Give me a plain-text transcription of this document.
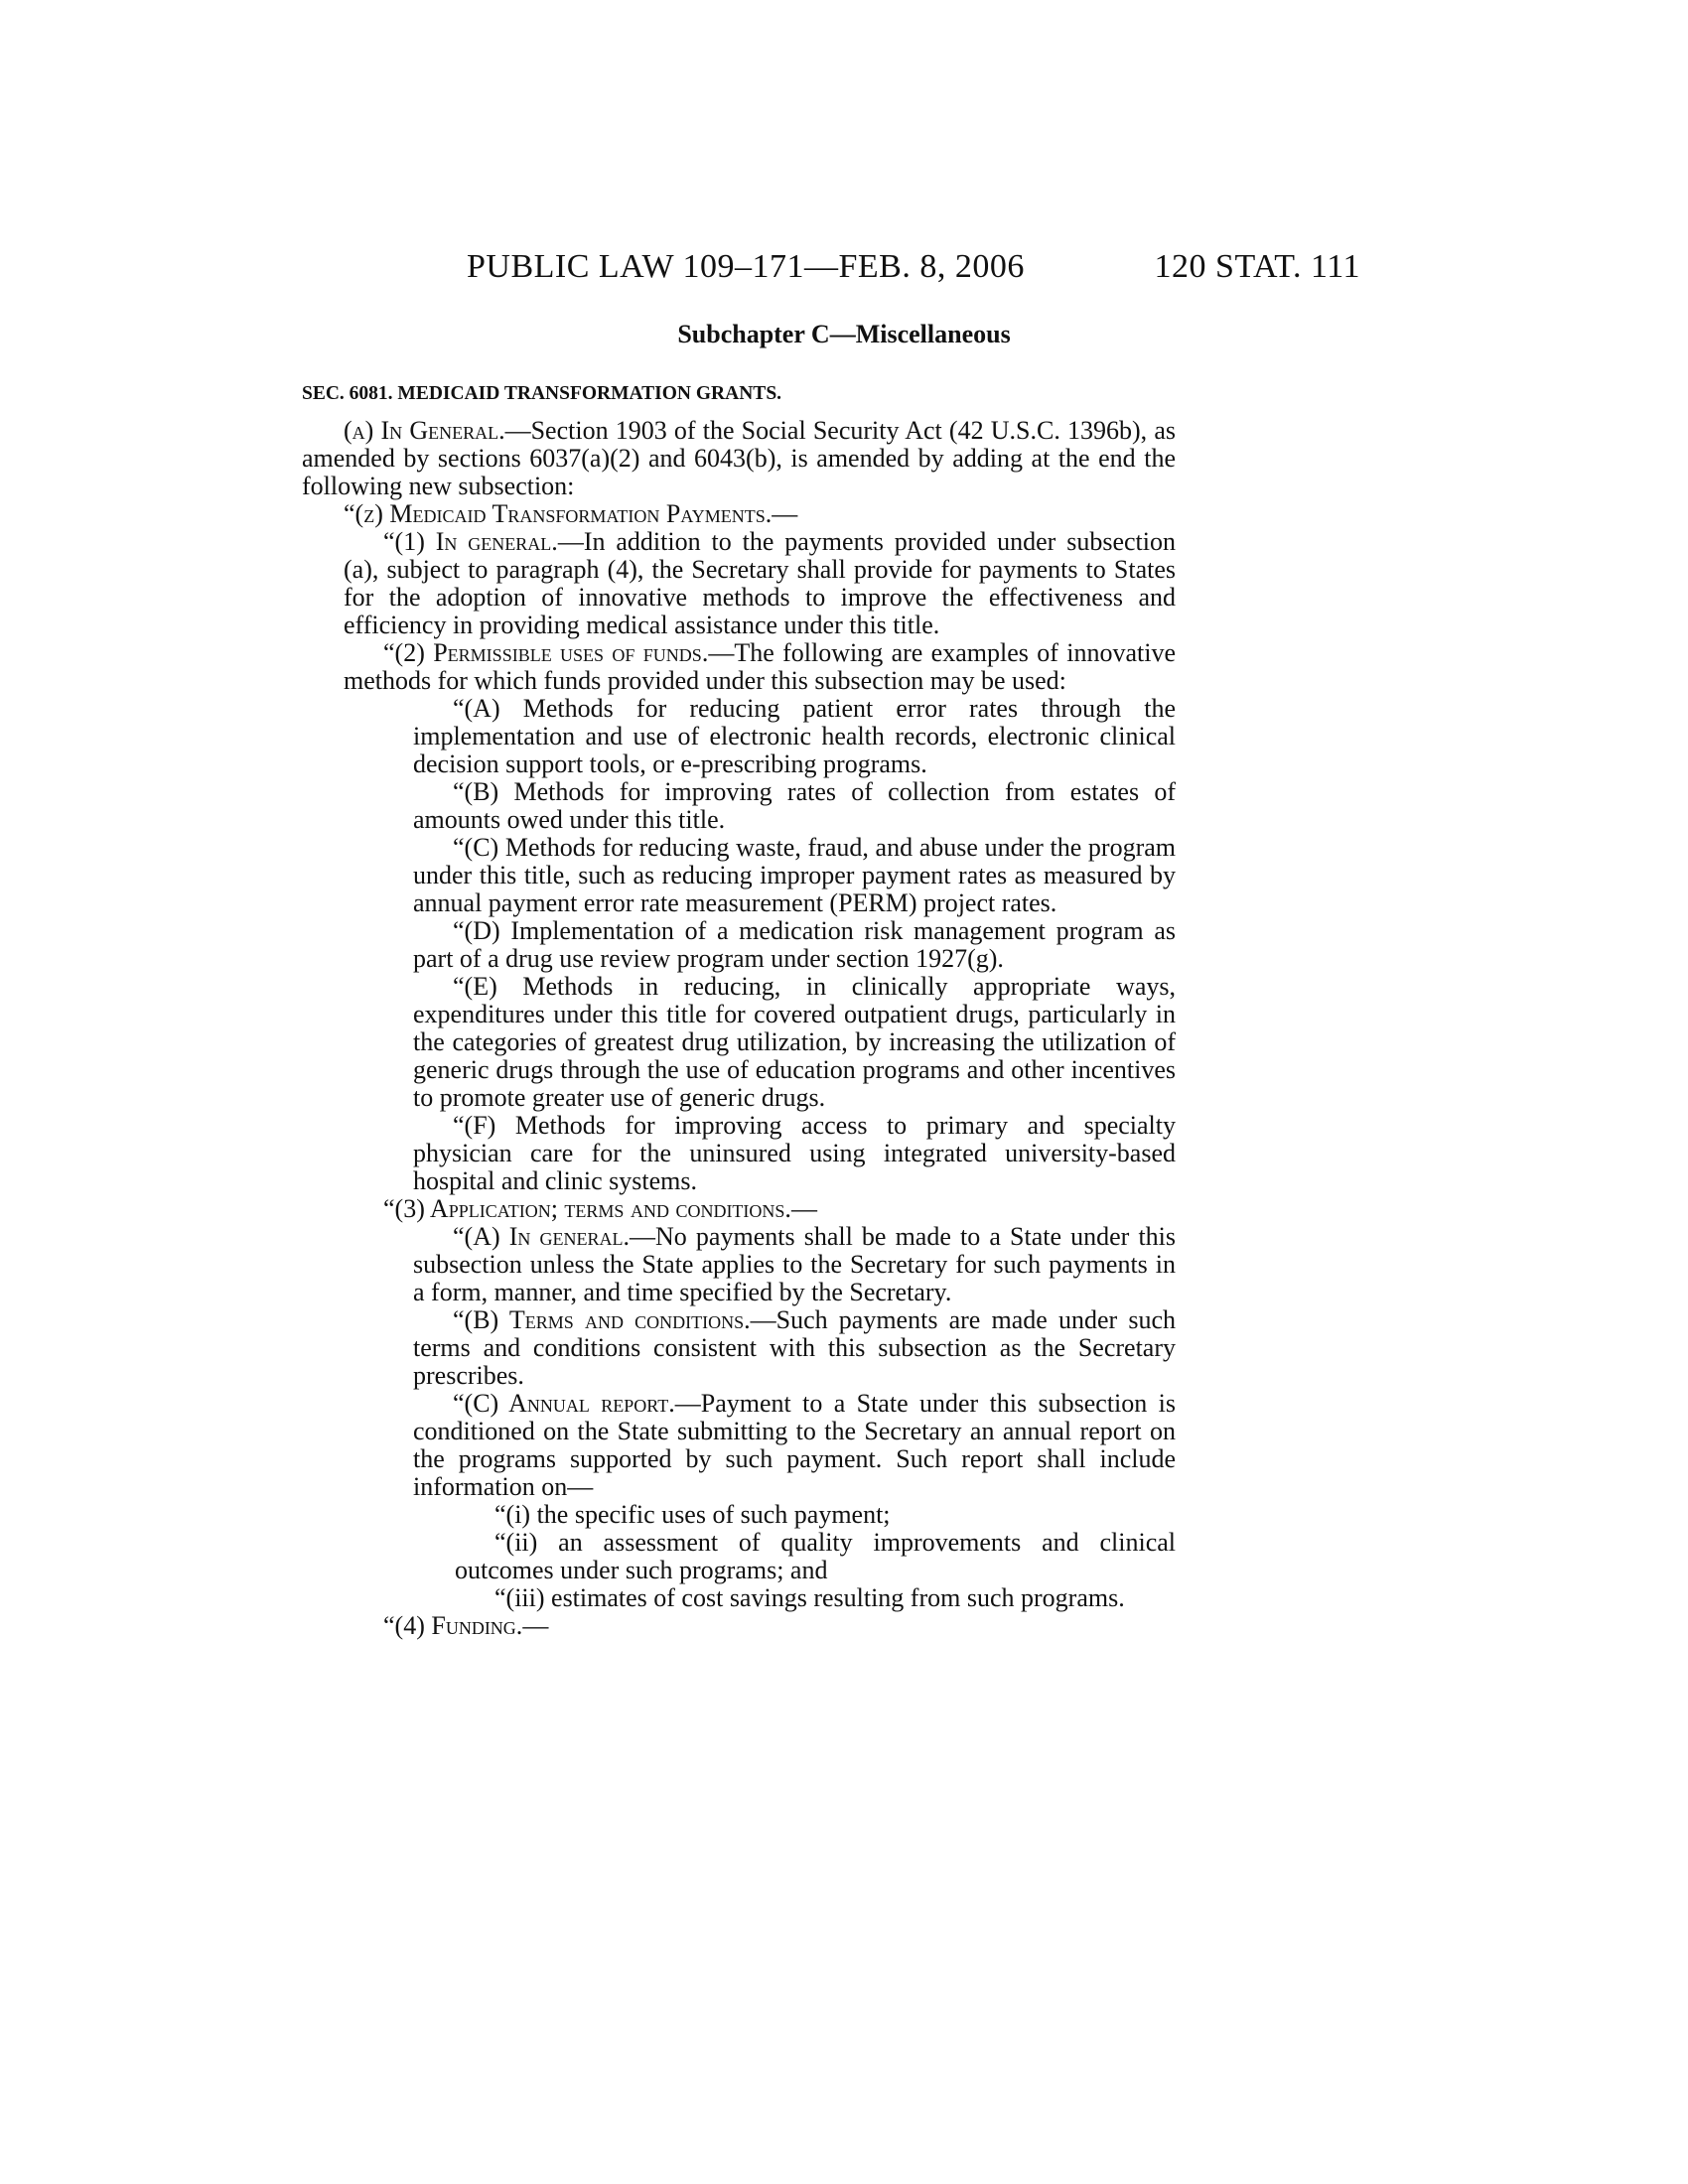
PUBLIC LAW 109–171—FEB. 8, 2006	120 STAT. 111
Subchapter C—Miscellaneous
SEC. 6081. MEDICAID TRANSFORMATION GRANTS.

(a) In General.—Section 1903 of the Social Security Act (42 U.S.C. 1396b), as amended by sections 6037(a)(2) and 6043(b), is amended by adding at the end the following new subsection:

“(z) Medicaid Transformation Payments.—

“(1) In general.—In addition to the payments provided under subsection (a), subject to paragraph (4), the Secretary shall provide for payments to States for the adoption of innovative methods to improve the effectiveness and efficiency in providing medical assistance under this title.

“(2) Permissible uses of funds.—The following are examples of innovative methods for which funds provided under this subsection may be used:

“(A) Methods for reducing patient error rates through the implementation and use of electronic health records, electronic clinical decision support tools, or e-prescribing programs.

“(B) Methods for improving rates of collection from estates of amounts owed under this title.

“(C) Methods for reducing waste, fraud, and abuse under the program under this title, such as reducing improper payment rates as measured by annual payment error rate measurement (PERM) project rates.

“(D) Implementation of a medication risk management program as part of a drug use review program under section 1927(g).

“(E) Methods in reducing, in clinically appropriate ways, expenditures under this title for covered outpatient drugs, particularly in the categories of greatest drug utilization, by increasing the utilization of generic drugs through the use of education programs and other incentives to promote greater use of generic drugs.

“(F) Methods for improving access to primary and specialty physician care for the uninsured using integrated university-based hospital and clinic systems.

“(3) Application; terms and conditions.—

“(A) In general.—No payments shall be made to a State under this subsection unless the State applies to the Secretary for such payments in a form, manner, and time specified by the Secretary.

“(B) Terms and conditions.—Such payments are made under such terms and conditions consistent with this subsection as the Secretary prescribes.

“(C) Annual report.—Payment to a State under this subsection is conditioned on the State submitting to the Secretary an annual report on the programs supported by such payment. Such report shall include information on—

“(i) the specific uses of such payment;

“(ii) an assessment of quality improvements and clinical outcomes under such programs; and

“(iii) estimates of cost savings resulting from such programs.

“(4) Funding.—
